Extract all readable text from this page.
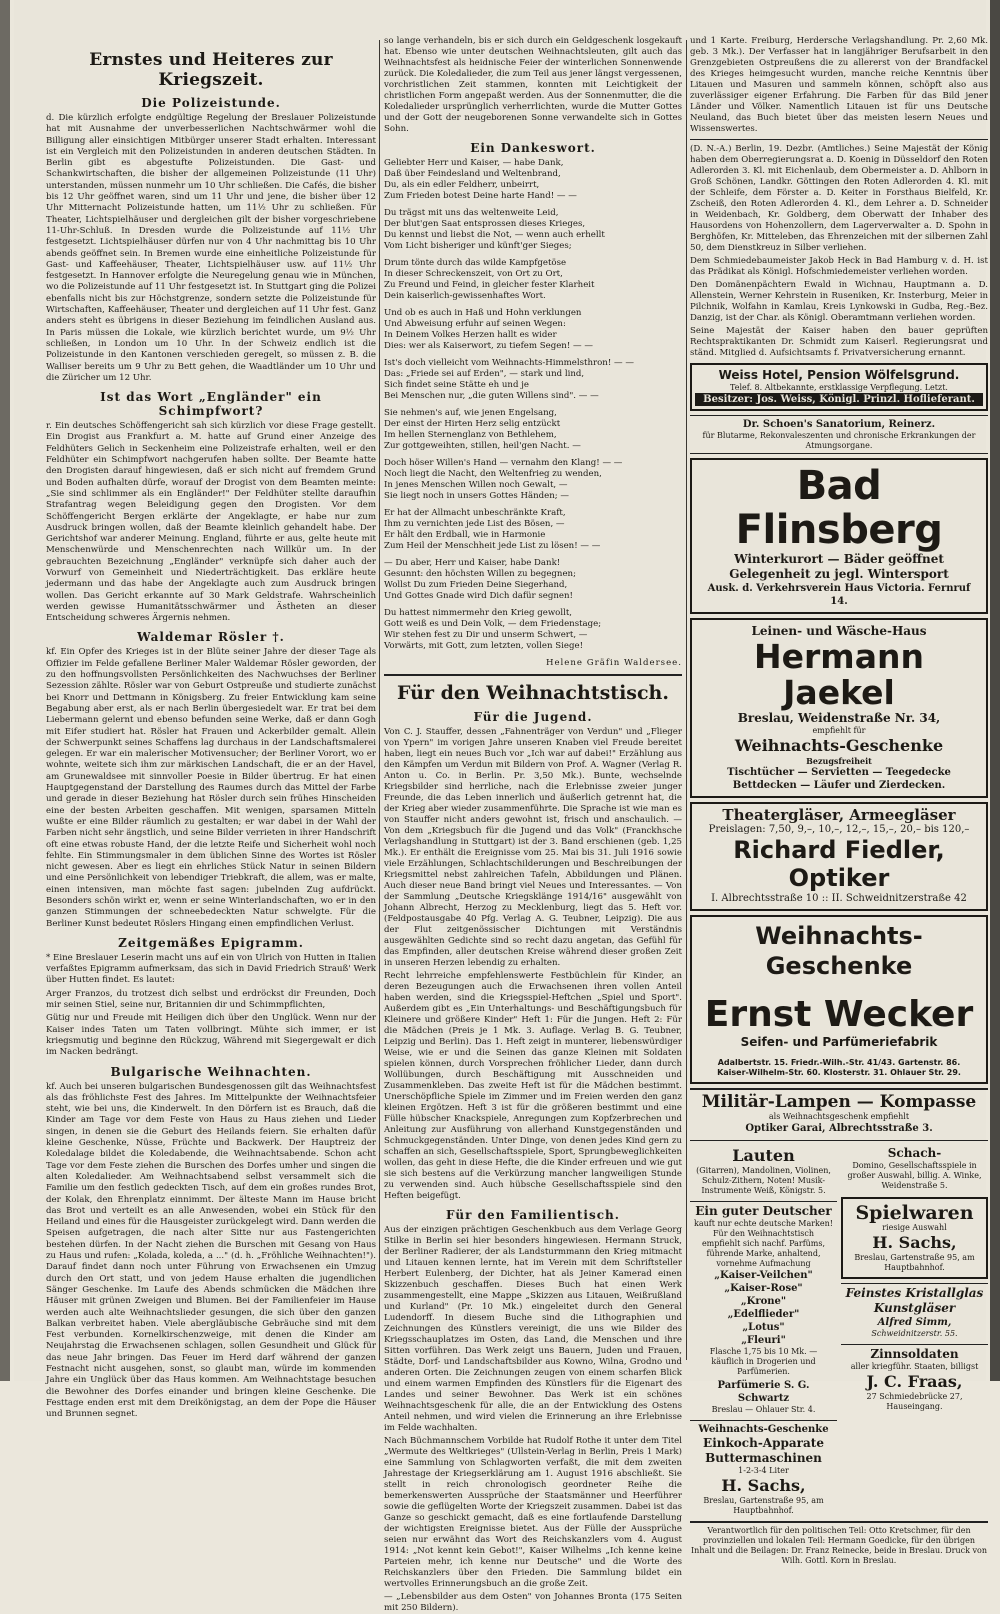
Ernstes und Heiteres zur Kriegszeit.
Die Polizeistunde.

d. Die kürzlich erfolgte endgültige Regelung der Breslauer Polizeistunde hat mit Ausnahme der unverbesserlichen Nachtschwärmer wohl die Billigung aller einsichtigen Mitbürger unserer Stadt erhalten. Interessant ist ein Vergleich mit den Polizeistunden in anderen deutschen Städten. In Berlin gibt es abgestufte Polizeistunden. Die Gast- und Schankwirtschaften, die bisher der allgemeinen Polizeistunde (11 Uhr) unterstanden, müssen nunmehr um 10 Uhr schließen. Die Cafés, die bisher bis 12 Uhr geöffnet waren, sind um 11 Uhr und jene, die bisher über 12 Uhr Mitternacht Polizeistunde hatten, um 11½ Uhr zu schließen. Für Theater, Lichtspielhäuser und dergleichen gilt der bisher vorgeschriebene 11-Uhr-Schluß. In Dresden wurde die Polizeistunde auf 11½ Uhr festgesetzt. Lichtspielhäuser dürfen nur von 4 Uhr nachmittag bis 10 Uhr abends geöffnet sein. In Bremen wurde eine einheitliche Polizeistunde für Gast- und Kaffeehäuser, Theater, Lichtspielhäuser usw. auf 11½ Uhr festgesetzt. In Hannover erfolgte die Neuregelung genau wie in München, wo die Polizeistunde auf 11 Uhr festgesetzt ist. In Stuttgart ging die Polizei ebenfalls nicht bis zur Höchstgrenze, sondern setzte die Polizeistunde für Wirtschaften, Kaffeehäuser, Theater und dergleichen auf 11 Uhr fest. Ganz anders steht es übrigens in dieser Beziehung im feindlichen Ausland aus. In Paris müssen die Lokale, wie kürzlich berichtet wurde, um 9½ Uhr schließen, in London um 10 Uhr. In der Schweiz endlich ist die Polizeistunde in den Kantonen verschieden geregelt, so müssen z. B. die Walliser bereits um 9 Uhr zu Bett gehen, die Waadtländer um 10 Uhr und die Züricher um 12 Uhr.

Ist das Wort „Engländer" ein Schimpfwort?

r. Ein deutsches Schöffengericht sah sich kürzlich vor diese Frage gestellt. Ein Drogist aus Frankfurt a. M. hatte auf Grund einer Anzeige des Feldhüters Gelich in Seckenheim eine Polizeistrafe erhalten, weil er den Feldhüter ein Schimpfwort nachgerufen haben sollte. Der Beamte hatte den Drogisten darauf hingewiesen, daß er sich nicht auf fremdem Grund und Boden aufhalten dürfe, worauf der Drogist von dem Beamten meinte: „Sie sind schlimmer als ein Engländer!" Der Feldhüter stellte daraufhin Strafantrag wegen Beleidigung gegen den Drogisten. Vor dem Schöffengericht Bergen erklärte der Angeklagte, er habe nur zum Ausdruck bringen wollen, daß der Beamte kleinlich gehandelt habe. Der Gerichtshof war anderer Meinung. England, führte er aus, gelte heute mit Menschenwürde und Menschenrechten nach Willkür um. In der gebrauchten Bezeichnung „Engländer" verknüpfe sich daher auch der Vorwurf von Gemeinheit und Niederträchtigkeit. Das erkläre heute jedermann und das habe der Angeklagte auch zum Ausdruck bringen wollen. Das Gericht erkannte auf 30 Mark Geldstrafe. Wahrscheinlich werden gewisse Humanitätsschwärmer und Ästheten an dieser Entscheidung schweres Ärgernis nehmen.

Waldemar Rösler †.

kf. Ein Opfer des Krieges ist in der Blüte seiner Jahre der dieser Tage als Offizier im Felde gefallene Berliner Maler Waldemar Rösler geworden, der zu den hoffnungsvollsten Persönlichkeiten des Nachwuchses der Berliner Sezession zählte. Rösler war von Geburt Ostpreuße und studierte zunächst bei Knorr und Dettmann in Königsberg. Zu freier Entwicklung kam seine Begabung aber erst, als er nach Berlin übergesiedelt war. Er trat bei dem Liebermann gelernt und ebenso befunden seine Werke, daß er dann Gogh mit Eifer studiert hat. Rösler hat Frauen und Ackerbilder gemalt. Allein der Schwerpunkt seines Schaffens lag durchaus in der Landschaftsmalerei gelegen. Er war ein malerischer Motivensucher; der Berliner Vorort, wo er wohnte, weitete sich ihm zur märkischen Landschaft, die er an der Havel, am Grunewaldsee mit sinnvoller Poesie in Bilder übertrug. Er hat einen Hauptgegenstand der Darstellung des Raumes durch das Mittel der Farbe und gerade in dieser Beziehung hat Rösler durch sein frühes Hinscheiden eine der besten Arbeiten geschaffen. Mit wenigen, sparsamen Mitteln wußte er eine Bilder räumlich zu gestalten; er war dabei in der Wahl der Farben nicht sehr ängstlich, und seine Bilder verrieten in ihrer Handschrift oft eine etwas robuste Hand, der die letzte Reife und Sicherheit wohl noch fehlte. Ein Stimmungsmaler in dem üblichen Sinne des Wortes ist Rösler nicht gewesen. Aber es liegt ein ehrliches Stück Natur in seinen Bildern und eine Persönlichkeit von lebendiger Triebkraft, die allem, was er malte, einen intensiven, man möchte fast sagen: jubelnden Zug aufdrückt. Besonders schön wirkt er, wenn er seine Winterlandschaften, wo er in den ganzen Stimmungen der schneebedeckten Natur schwelgte. Für die Berliner Kunst bedeutet Röslers Hingang einen empfindlichen Verlust.

Zeitgemäßes Epigramm.

* Eine Breslauer Leserin macht uns auf ein von Ulrich von Hutten in Italien verfaßtes Epigramm aufmerksam, das sich in David Friedrich Strauß' Werk über Hutten findet. Es lautet:

Arger Franzos, du trotzest dich selbst und erdröckst dir Freunden, Doch mir seinen Stiel, seine nur, Britannien dir und Schimmpflichten,

Gütig nur und Freude mit Heiligen dich über den Unglück. Wenn nur der Kaiser indes Taten um Taten vollbringt. Mühte sich immer, er ist kriegsmutig und beginne den Rückzug, Während mit Siegergewalt er dich im Nacken bedrängt.

Bulgarische Weihnachten.

kf. Auch bei unseren bulgarischen Bundesgenossen gilt das Weihnachtsfest als das fröhlichste Fest des Jahres. Im Mittelpunkte der Weihnachtsfeier steht, wie bei uns, die Kinderwelt. In den Dörfern ist es Brauch, daß die Kinder am Tage vor dem Feste von Haus zu Haus ziehen und Lieder singen, in denen sie die Geburt des Heilands feiern. Sie erhalten dafür kleine Geschenke, Nüsse, Früchte und Backwerk. Der Hauptreiz der Koledalage bildet die Koledabende, die Weihnachtsabende. Schon acht Tage vor dem Feste ziehen die Burschen des Dorfes umher und singen die alten Koledalieder. Am Weihnachtsabend selbst versammelt sich die Familie um den festlich gedeckten Tisch, auf dem ein großes rundes Brot, der Kolak, den Ehrenplatz einnimmt. Der älteste Mann im Hause bricht das Brot und verteilt es an alle Anwesenden, wobei ein Stück für den Heiland und eines für die Hausgeister zurückgelegt wird. Dann werden die Speisen aufgetragen, die nach alter Sitte nur aus Fastengerichten bestehen dürfen. In der Nacht ziehen die Burschen mit Gesang von Haus zu Haus und rufen: „Kolada, koleda, a ..." (d. h. „Fröhliche Weihnachten!"). Darauf findet dann noch unter Führung von Erwachsenen ein Umzug durch den Ort statt, und von jedem Hause erhalten die jugendlichen Sänger Geschenke. Im Laufe des Abends schmücken die Mädchen ihre Häuser mit grünen Zweigen und Blumen. Bei der Familienfeier im Hause werden auch alte Weihnachtslieder gesungen, die sich über den ganzen Balkan verbreitet haben. Viele abergläubische Gebräuche sind mit dem Fest verbunden. Kornelkirschenzweige, mit denen die Kinder am Neujahrstag die Erwachsenen schlagen, sollen Gesundheit und Glück für das neue Jahr bringen. Das Feuer im Herd darf während der ganzen Festnacht nicht ausgehen, sonst, so glaubt man, würde im kommenden Jahre ein Unglück über das Haus kommen. Am Weihnachtstage besuchen die Bewohner des Dorfes einander und bringen kleine Geschenke. Die Festtage enden erst mit dem Dreikönigstag, an dem der Pope die Häuser und Brunnen segnet.

so lange verhandeln, bis er sich durch ein Geldgeschenk losgekauft hat. Ebenso wie unter deutschen Weihnachtsleuten, gilt auch das Weihnachtsfest als heidnische Feier der winterlichen Sonnenwende zurück. Die Koledalieder, die zum Teil aus jener längst vergessenen, vorchristlichen Zeit stammen, konnten mit Leichtigkeit der christlichen Form angepaßt werden. Aus der Sonnenmutter, die die Koledalieder ursprünglich verherrlichten, wurde die Mutter Gottes und der Gott der neugeborenen Sonne verwandelte sich in Gottes Sohn.

Ein Dankeswort.

Geliebter Herr und Kaiser, — habe Dank,

Daß über Feindesland und Weltenbrand,

Du, als ein edler Feldherr, unbeirrt,

Zum Frieden botest Deine harte Hand! — —

Du trägst mit uns das weltenweite Leid,

Der blut'gen Saat entsprossen dieses Krieges,

Du kennst und liebst die Not, — wenn auch erhellt

Vom Licht bisheriger und künft'ger Sieges;

Drum tönte durch das wilde Kampfgetöse

In dieser Schreckenszeit, von Ort zu Ort,

Zu Freund und Feind, in gleicher fester Klarheit

Dein kaiserlich-gewissenhaftes Wort.

Und ob es auch in Haß und Hohn verklungen

Und Abweisung erfuhr auf seinen Wegen:

In Deinem Volkes Herzen hallt es wider

Dies: wer als Kaiserwort, zu tiefem Segen! — —

Ist's doch vielleicht vom Weihnachts-Himmelsthron! — —

Das: „Friede sei auf Erden", — stark und lind,

Sich findet seine Stätte eh und je

Bei Menschen nur, „die guten Willens sind". — —

Sie nehmen's auf, wie jenen Engelsang,

Der einst der Hirten Herz selig entzückt

Im hellen Sternenglanz von Bethlehem,

Zur gottgeweihten, stillen, heil'gen Nacht. —

Doch höser Willen's Hand — vernahm den Klang! — —

Noch liegt die Nacht, den Weltenfrieg zu wenden,

In jenes Menschen Willen noch Gewalt, —

Sie liegt noch in unsers Gottes Händen; —

Er hat der Allmacht unbeschränkte Kraft,

Ihm zu vernichten jede List des Bösen, —

Er hält den Erdball, wie in Harmonie

Zum Heil der Menschheit jede List zu lösen! — —

— Du aber, Herr und Kaiser, habe Dank!

Gesunnt: den höchsten Willen zu begegnen;

Wollst Du zum Frieden Deine Siegerhand,

Und Gottes Gnade wird Dich dafür segnen!

Du hattest nimmermehr den Krieg gewollt,

Gott weiß es und Dein Volk, — dem Friedenstage;

Wir stehen fest zu Dir und unserm Schwert, —

Vorwärts, mit Gott, zum letzten, vollen Siege!

Helene Gräfin Waldersee.
Für den Weihnachtstisch.
Für die Jugend.

Von C. J. Stauffer, dessen „Fahnenträger von Verdun" und „Flieger von Ypern" im vorigen Jahre unseren Knaben viel Freude bereitet haben, liegt ein neues Buch vor „Ich war auf dabei!" Erzählung aus den Kämpfen um Verdun mit Bildern von Prof. A. Wagner (Verlag R. Anton u. Co. in Berlin. Pr. 3,50 Mk.). Bunte, wechselnde Kriegsbilder sind herrliche, nach die Erlebnisse zweier junger Freunde, die das Leben innerlich und äußerlich getrennt hat, die der Krieg aber wieder zusammenführte. Die Sprache ist wie man es von Stauffer nicht anders gewohnt ist, frisch und anschaulich. — Von dem „Kriegsbuch für die Jugend und das Volk" (Franckhsche Verlagshandlung in Stuttgart) ist der 3. Band erschienen (geb. 1,25 Mk.). Er enthält die Ereignisse vom 25. Mai bis 31. Juli 1916 sowie viele Erzählungen, Schlachtschilderungen und Beschreibungen der Kriegsmittel nebst zahlreichen Tafeln, Abbildungen und Plänen. Auch dieser neue Band bringt viel Neues und Interessantes. — Von der Sammlung „Deutsche Kriegsklänge 1914/16" ausgewählt von Johann Albrecht, Herzog zu Mecklenburg, liegt das 5. Heft vor. (Feldpostausgabe 40 Pfg. Verlag A. G. Teubner, Leipzig). Die aus der Flut zeitgenössischer Dichtungen mit Verständnis ausgewählten Gedichte sind so recht dazu angetan, das Gefühl für das Empfinden, aller deutschen Kreise während dieser großen Zeit in unseren Herzen lebendig zu erhalten.

Recht lehrreiche empfehlenswerte Festbüchlein für Kinder, an deren Bezeugungen auch die Erwachsenen ihren vollen Anteil haben werden, sind die Kriegsspiel-Heftchen „Spiel und Sport". Außerdem gibt es „Ein Unterhaltungs- und Beschäftigungsbuch für Kleinere und größere Kinder" Heft 1: Für die Jungen. Heft 2: Für die Mädchen (Preis je 1 Mk. 3. Auflage. Verlag B. G. Teubner, Leipzig und Berlin). Das 1. Heft zeigt in munterer, liebenswürdiger Weise, wie er und die Seinen das ganze Kleinen mit Soldaten spielen können, durch Vorsprechen fröhlicher Lieder, dann durch Wollübungen, durch Beschäftigung mit Ausschneiden und Zusammenkleben. Das zweite Heft ist für die Mädchen bestimmt. Unerschöpfliche Spiele im Zimmer und im Freien werden den ganz kleinen Ergötzen. Heft 3 ist für die größeren bestimmt und eine Fülle hübscher Knackspiele, Anregungen zum Kopfzerbrechen und Anleitung zur Ausführung von allerhand Kunstgegenständen und Schmuckgegenständen. Unter Dinge, von denen jedes Kind gern zu schaffen an sich, Gesellschaftsspiele, Sport, Sprungbeweglichkeiten wollen, das geht in diese Hefte, die die Kinder erfreuen und wie gut sie sich bestens auf die Verkürzung mancher langweiligen Stunde zu verwenden sind. Auch hübsche Gesellschaftsspiele sind den Heften beigefügt.

Für den Familientisch.

Aus der einzigen prächtigen Geschenkbuch aus dem Verlage Georg Stilke in Berlin sei hier besonders hingewiesen. Hermann Struck, der Berliner Radierer, der als Landsturmmann den Krieg mitmacht und Litauen kennen lernte, hat im Verein mit dem Schriftsteller Herbert Eulenberg, der Dichter, hat als Jeiner Kamerad einen Skizzenbuch geschaffen. Dieses Buch hat einen Werk zusammengestellt, eine Mappe „Skizzen aus Litauen, Weißrußland und Kurland" (Pr. 10 Mk.) eingeleitet durch den General Ludendorff. In diesem Buche sind die Lithographien und Zeichnungen des Künstlers vereinigt, die uns wie Bilder des Kriegsschauplatzes im Osten, das Land, die Menschen und ihre Sitten vorführen. Das Werk zeigt uns Bauern, Juden und Frauen, Städte, Dorf- und Landschaftsbilder aus Kowno, Wilna, Grodno und anderen Orten. Die Zeichnungen zeugen von einem scharfen Blick und einem warmen Empfinden des Künstlers für die Eigenart des Landes und seiner Bewohner. Das Werk ist ein schönes Weihnachtsgeschenk für alle, die an der Entwicklung des Ostens Anteil nehmen, und wird vielen die Erinnerung an ihre Erlebnisse im Felde wachhalten.

Nach Büchmannschem Vorbilde hat Rudolf Rothe it unter dem Titel „Wermute des Weltkrieges" (Ullstein-Verlag in Berlin, Preis 1 Mark) eine Sammlung von Schlagworten verfaßt, die mit dem zweiten Jahrestage der Kriegserklärung am 1. August 1916 abschließt. Sie stellt in reich chronologisch geordneter Reihe die bemerkenswerten Aussprüche der Staatsmänner und Heerführer sowie die geflügelten Worte der Kriegszeit zusammen. Dabei ist das Ganze so geschickt gemacht, daß es eine fortlaufende Darstellung der wichtigsten Ereignisse bietet. Aus der Fülle der Aussprüche seien nur erwähnt das Wort des Reichskanzlers vom 4. August 1914: „Not kennt kein Gebot!", Kaiser Wilhelms „Ich kenne keine Parteien mehr, ich kenne nur Deutsche" und die Worte des Reichskanzlers über den Frieden. Die Sammlung bildet ein wertvolles Erinnerungsbuch an die große Zeit.

— „Lebensbilder aus dem Osten" von Johannes Bronta (175 Seiten mit 250 Bildern).

und 1 Karte. Freiburg, Herdersche Verlagshandlung. Pr. 2,60 Mk. geb. 3 Mk.). Der Verfasser hat in langjähriger Berufsarbeit in den Grenzgebieten Ostpreußens die zu allererst von der Brandfackel des Krieges heimgesucht wurden, manche reiche Kenntnis über Litauen und Masuren und sammeln können, schöpft also aus zuverlässiger eigener Erfahrung. Die Farben für das Bild jener Länder und Völker. Namentlich Litauen ist für uns Deutsche Neuland, das Buch bietet über das meisten lesern Neues und Wissenswertes.

(D. N.-A.) Berlin, 19. Dezbr. (Amtliches.) Seine Majestät der König haben dem Oberregierungsrat a. D. Koenig in Düsseldorf den Roten Adlerorden 3. Kl. mit Eichenlaub, dem Obermeister a. D. Ahlborn in Groß Schönen, Landkr. Göttingen den Roten Adlerorden 4. Kl. mit der Schleife, dem Förster a. D. Keiter in Forsthaus Bielfeld, Kr. Zscheiß, den Roten Adlerorden 4. Kl., dem Lehrer a. D. Schneider in Weidenbach, Kr. Goldberg, dem Oberwatt der Inhaber des Hausordens von Hohenzollern, dem Lagerverwalter a. D. Spohn in Berghöfen, Kr. Mitteleben, das Ehrenzeichen mit der silbernen Zahl 50, dem Dienstkreuz in Silber verliehen.

Dem Schmiedebaumeister Jakob Heck in Bad Hamburg v. d. H. ist das Prädikat als Königl. Hofschmiedemeister verliehen worden.

Den Domänenpächtern Ewald in Wichnau, Hauptmann a. D. Allenstein, Werner Kehrstein in Ruseniken, Kr. Insterburg, Meier in Pilchnik, Wolfahn in Kamlau, Kreis Lynkowski in Gudba, Reg.-Bez. Danzig, ist der Char. als Königl. Oberamtmann verliehen worden.

Seine Majestät der Kaiser haben den bauer geprüften Rechtspraktikanten Dr. Schmidt zum Kaiserl. Regierungsrat und ständ. Mitglied d. Aufsichtsamts f. Privatversicherung ernannt.

Weiss Hotel, Pension Wölfelsgrund.
Telef. 8. Altbekannte, erstklassige Verpflegung. Letzt.
Besitzer: Jos. Weiss, Königl. Prinzl. Hoflieferant.
Dr. Schoen's Sanatorium, Reinerz.
für Blutarme, Rekonvaleszenten und chronische Erkrankungen der Atmungsorgane.
Bad Flinsberg
Winterkurort — Bäder geöffnet
Gelegenheit zu jegl. Wintersport
Ausk. d. Verkehrsverein Haus Victoria. Fernruf 14.
Leinen- und Wäsche-Haus
Hermann Jaekel
Breslau, Weidenstraße Nr. 34,
empfiehlt für
Weihnachts-Geschenke
Bezugsfreiheit
Tischtücher — Servietten — Teegedecke
Bettdecken — Läufer und Zierdecken.
Theatergläser, Armeegläser
Preislagen: 7,50, 9,–, 10,–, 12,–, 15,–, 20,– bis 120,–
Richard Fiedler, Optiker
I. Albrechtsstraße 10 :: II. Schweidnitzerstraße 42
Weihnachts-Geschenke
Ernst Wecker
Seifen- und Parfümeriefabrik
Adalbertstr. 15. Friedr.-Wilh.-Str. 41/43. Gartenstr. 86.
Kaiser-Wilhelm-Str. 60. Klosterstr. 31. Ohlauer Str. 29.
Militär-Lampen — Kompasse
als Weihnachtsgeschenk empfiehlt
Optiker Garai, Albrechtsstraße 3.
Lauten
(Gitarren), Mandolinen, Violinen, Schulz-Zithern, Noten! Musik-Instrumente Weiß, Königstr. 5.
Ein guter Deutscher
kauft nur echte deutsche Marken! Für den Weihnachtstisch empfiehlt sich nachf. Parfüms, führende Marke, anhaltend, vornehme Aufmachung
„Kaiser-Veilchen"
„Kaiser-Rose"
„Krone"
„Edelflieder"
„Lotus"
„Fleuri"
Flasche 1,75 bis 10 Mk. — käuflich in Drogerien und Parfümerien.
Parfümerie S. G. Schwartz
Breslau — Ohlauer Str. 4.
Weihnachts-Geschenke
Einkoch-Apparate
Buttermaschinen
1-2-3-4 Liter
H. Sachs,
Breslau, Gartenstraße 95, am Hauptbahnhof.
Schach-
Domino, Gesellschaftsspiele in großer Auswahl, billig. A. Winke, Weidenstraße 5.
Spielwaren
riesige Auswahl
H. Sachs,
Breslau, Gartenstraße 95, am Hauptbahnhof.
Feinstes Kristallglas Kunstgläser
Alfred Simm,
Schweidnitzerstr. 55.
Zinnsoldaten
aller kriegführ. Staaten, billigst
J. C. Fraas,
27 Schmiedebrücke 27, Hauseingang.
Verantwortlich für den politischen Teil: Otto Kretschmer, für den provinziellen und lokalen Teil: Hermann Goedicke, für den übrigen Inhalt und die Beilagen: Dr. Franz Reinecke, beide in Breslau. Druck von Wilh. Gottl. Korn in Breslau.
